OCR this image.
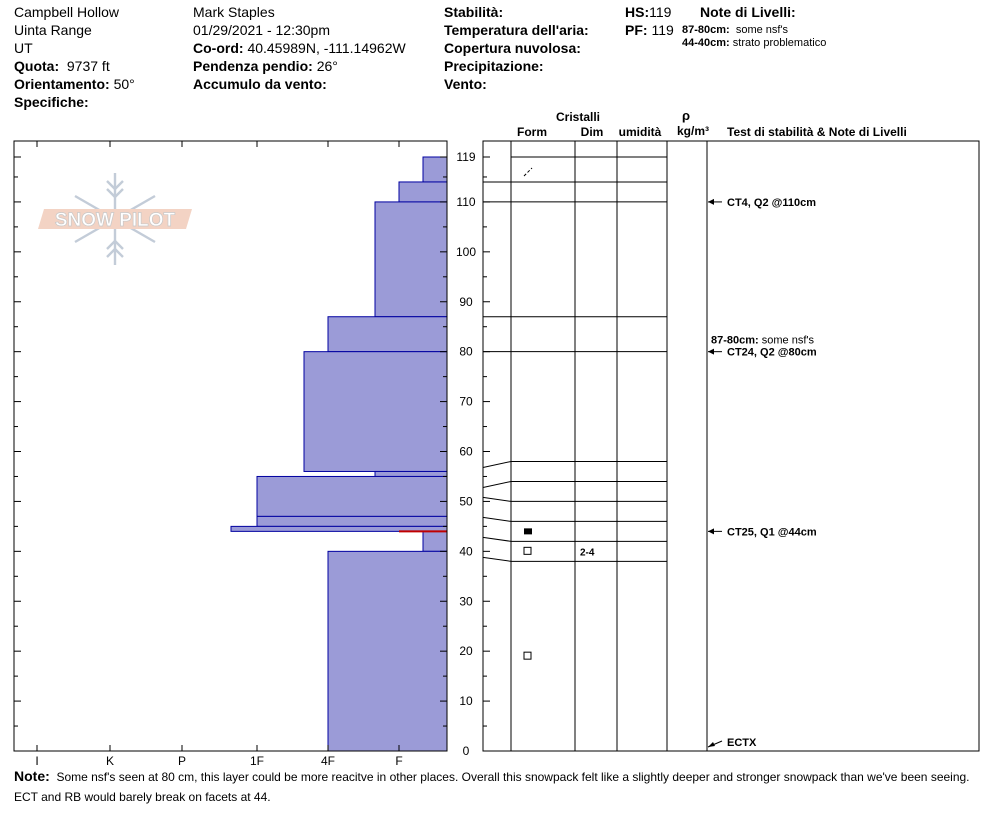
Campbell Hollow
Uinta Range
UT
Quota: 9737 ft
Orientamento: 50°
Specifiche:
Mark Staples
01/29/2021 - 12:30pm
Co-ord: 40.45989N, -111.14962W
Pendenza pendio: 26°
Accumulo da vento:
Stabilità:
Temperatura dell'aria:
Copertura nuvolosa:
Precipitazione:
Vento:
HS:119
PF: 119
Note di Livelli:
87-80cm: some nsf's
44-40cm: strato problematico
SNOW PILOT
Cristalli
Form	Dim umidità
ρ
kg/m³ Test di stabilità & Note di Livelli
I	K	P	1F	4F	F
0
10
20
30
40
50
60
70
80
90
100
110
119
2-4
CT4, Q2 @110cm
87-80cm: some nsf's
CT24, Q2 @80cm
CT25, Q1 @44cm
ECTX
Note: Some nsf's seen at 80 cm, this layer could be more reacitve in other places. Overall this snowpack felt like a slightly deeper and stronger snowpack than we've been seeing. ECT and RB would barely break on facets at 44.
